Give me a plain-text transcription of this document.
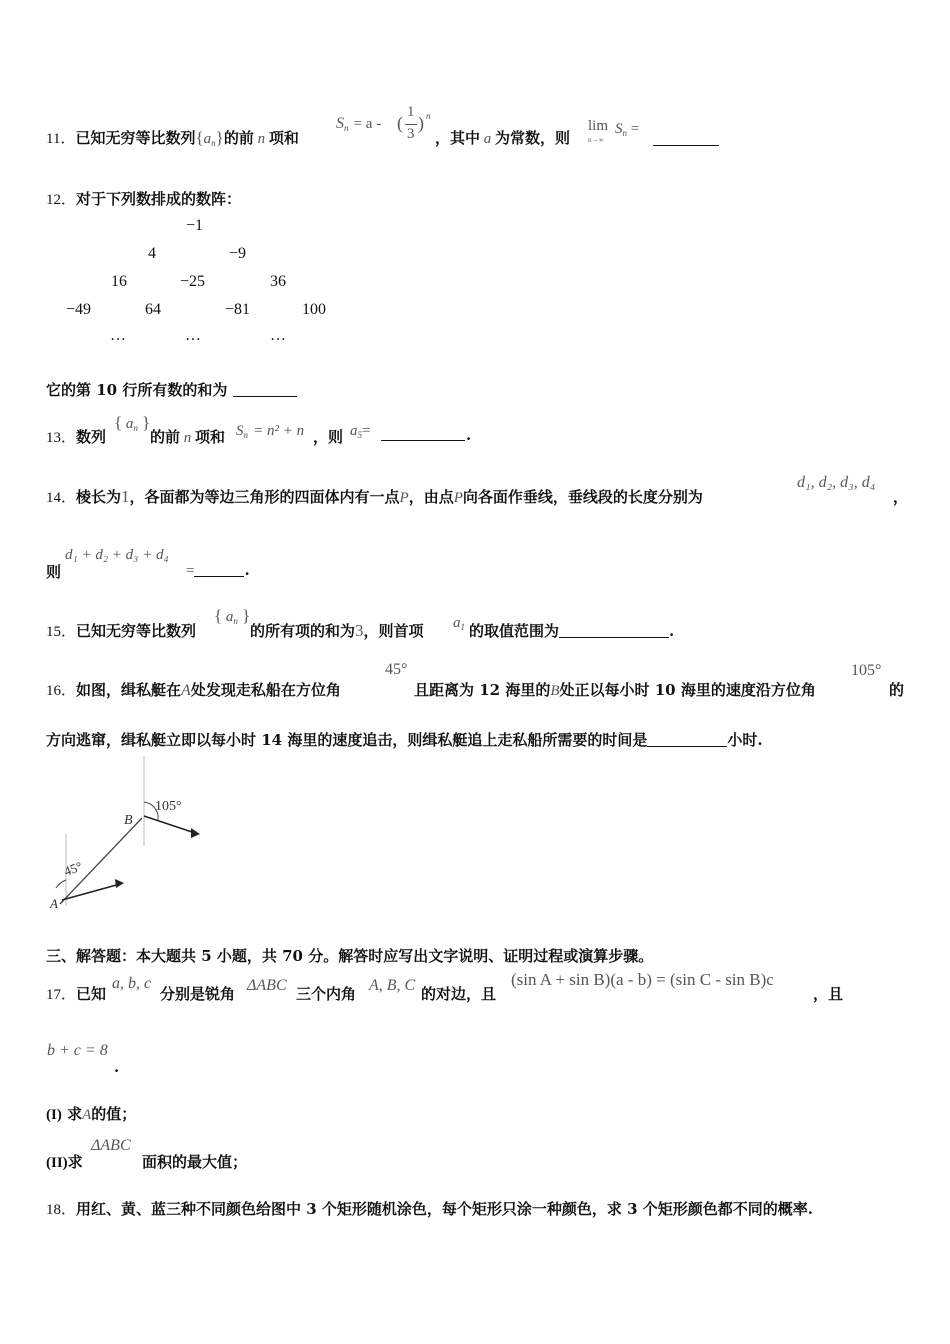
11．已知无穷等比数列$\{a_n\}$的前 n 项和
$S_n = a$ - (
1
3
) n
，其中 a 为常数，则
lim
n→∞
$S_n$ =
12．对于下列数排成的数阵：
−1
4	−9
16	−25	36
−49	64	−81	100
…	…	…
它的第 10 行所有数的和为
13．数列
{ $a_n$ }
的前 n 项和 $S_n = n^2 + n$ ，则 $a_5=$	.
14．棱长为1，各面都为等边三角形的四面体内有一点P，由点P向各面作垂线，垂线段的长度分别为
d₁, d₂, d₃, d₄
，
则
d₁ + d₂ + d₃ + d₄
=	.
15．已知无穷等比数列
{ $a_n$ }
的所有项的和为3，则首项 $a_1$ 的取值范围为	.
16．如图，缉私艇在A处发现走私船在方位角
45°
且距离为 12 海里的B处正以每小时 10 海里的速度沿方位角
105°
的
方向逃窜，缉私艇立即以每小时 14 海里的速度追击，则缉私艇追上走私船所需要的时间是	小时.
B
A
105°
45°
三、解答题：本大题共 5 小题，共 70 分。解答时应写出文字说明、证明过程或演算步骤。
17．已知
a, b, c
分别是锐角 ΔABC 三个内角 A, B, C 的对边，且
(sin A + sin B)(a - b) = (sin C - sin B)c
，且
b + c = 8
.
(I) 求A的值；
(II)求
ΔABC
面积的最大值；
18．用红、黄、蓝三种不同颜色给图中 3 个矩形随机涂色，每个矩形只涂一种颜色，求 3 个矩形颜色都不同的概率.
